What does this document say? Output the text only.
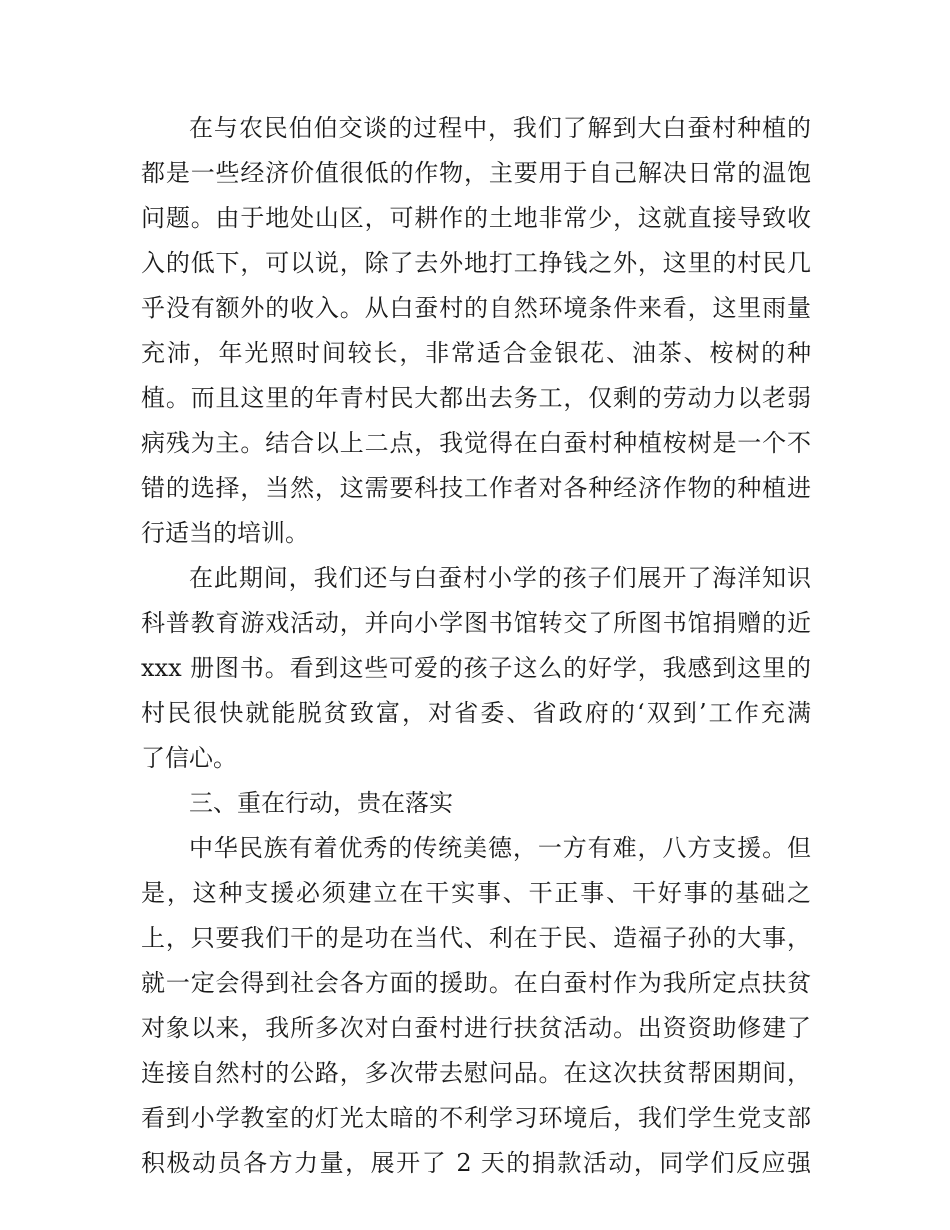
在与农民伯伯交谈的过程中，我们了解到大白蚕村种植的
都是一些经济价值很低的作物，主要用于自己解决日常的温饱
问题。由于地处山区，可耕作的土地非常少，这就直接导致收
入的低下，可以说，除了去外地打工挣钱之外，这里的村民几
乎没有额外的收入。从白蚕村的自然环境条件来看，这里雨量
充沛，年光照时间较长，非常适合金银花、油茶、桉树的种
植。而且这里的年青村民大都出去务工，仅剩的劳动力以老弱
病残为主。结合以上二点，我觉得在白蚕村种植桉树是一个不
错的选择，当然，这需要科技工作者对各种经济作物的种植进
行适当的培训。
在此期间，我们还与白蚕村小学的孩子们展开了海洋知识
科普教育游戏活动，并向小学图书馆转交了所图书馆捐赠的近
xxx 册图书。看到这些可爱的孩子这么的好学，我感到这里的
村民很快就能脱贫致富，对省委、省政府的‘双到’工作充满
了信心。
三、重在行动，贵在落实
中华民族有着优秀的传统美德，一方有难，八方支援。但
是，这种支援必须建立在干实事、干正事、干好事的基础之
上，只要我们干的是功在当代、利在于民、造福子孙的大事，
就一定会得到社会各方面的援助。在白蚕村作为我所定点扶贫
对象以来，我所多次对白蚕村进行扶贫活动。出资资助修建了
连接自然村的公路，多次带去慰问品。在这次扶贫帮困期间，
看到小学教室的灯光太暗的不利学习环境后，我们学生党支部
积极动员各方力量，展开了 2 天的捐款活动，同学们反应强
